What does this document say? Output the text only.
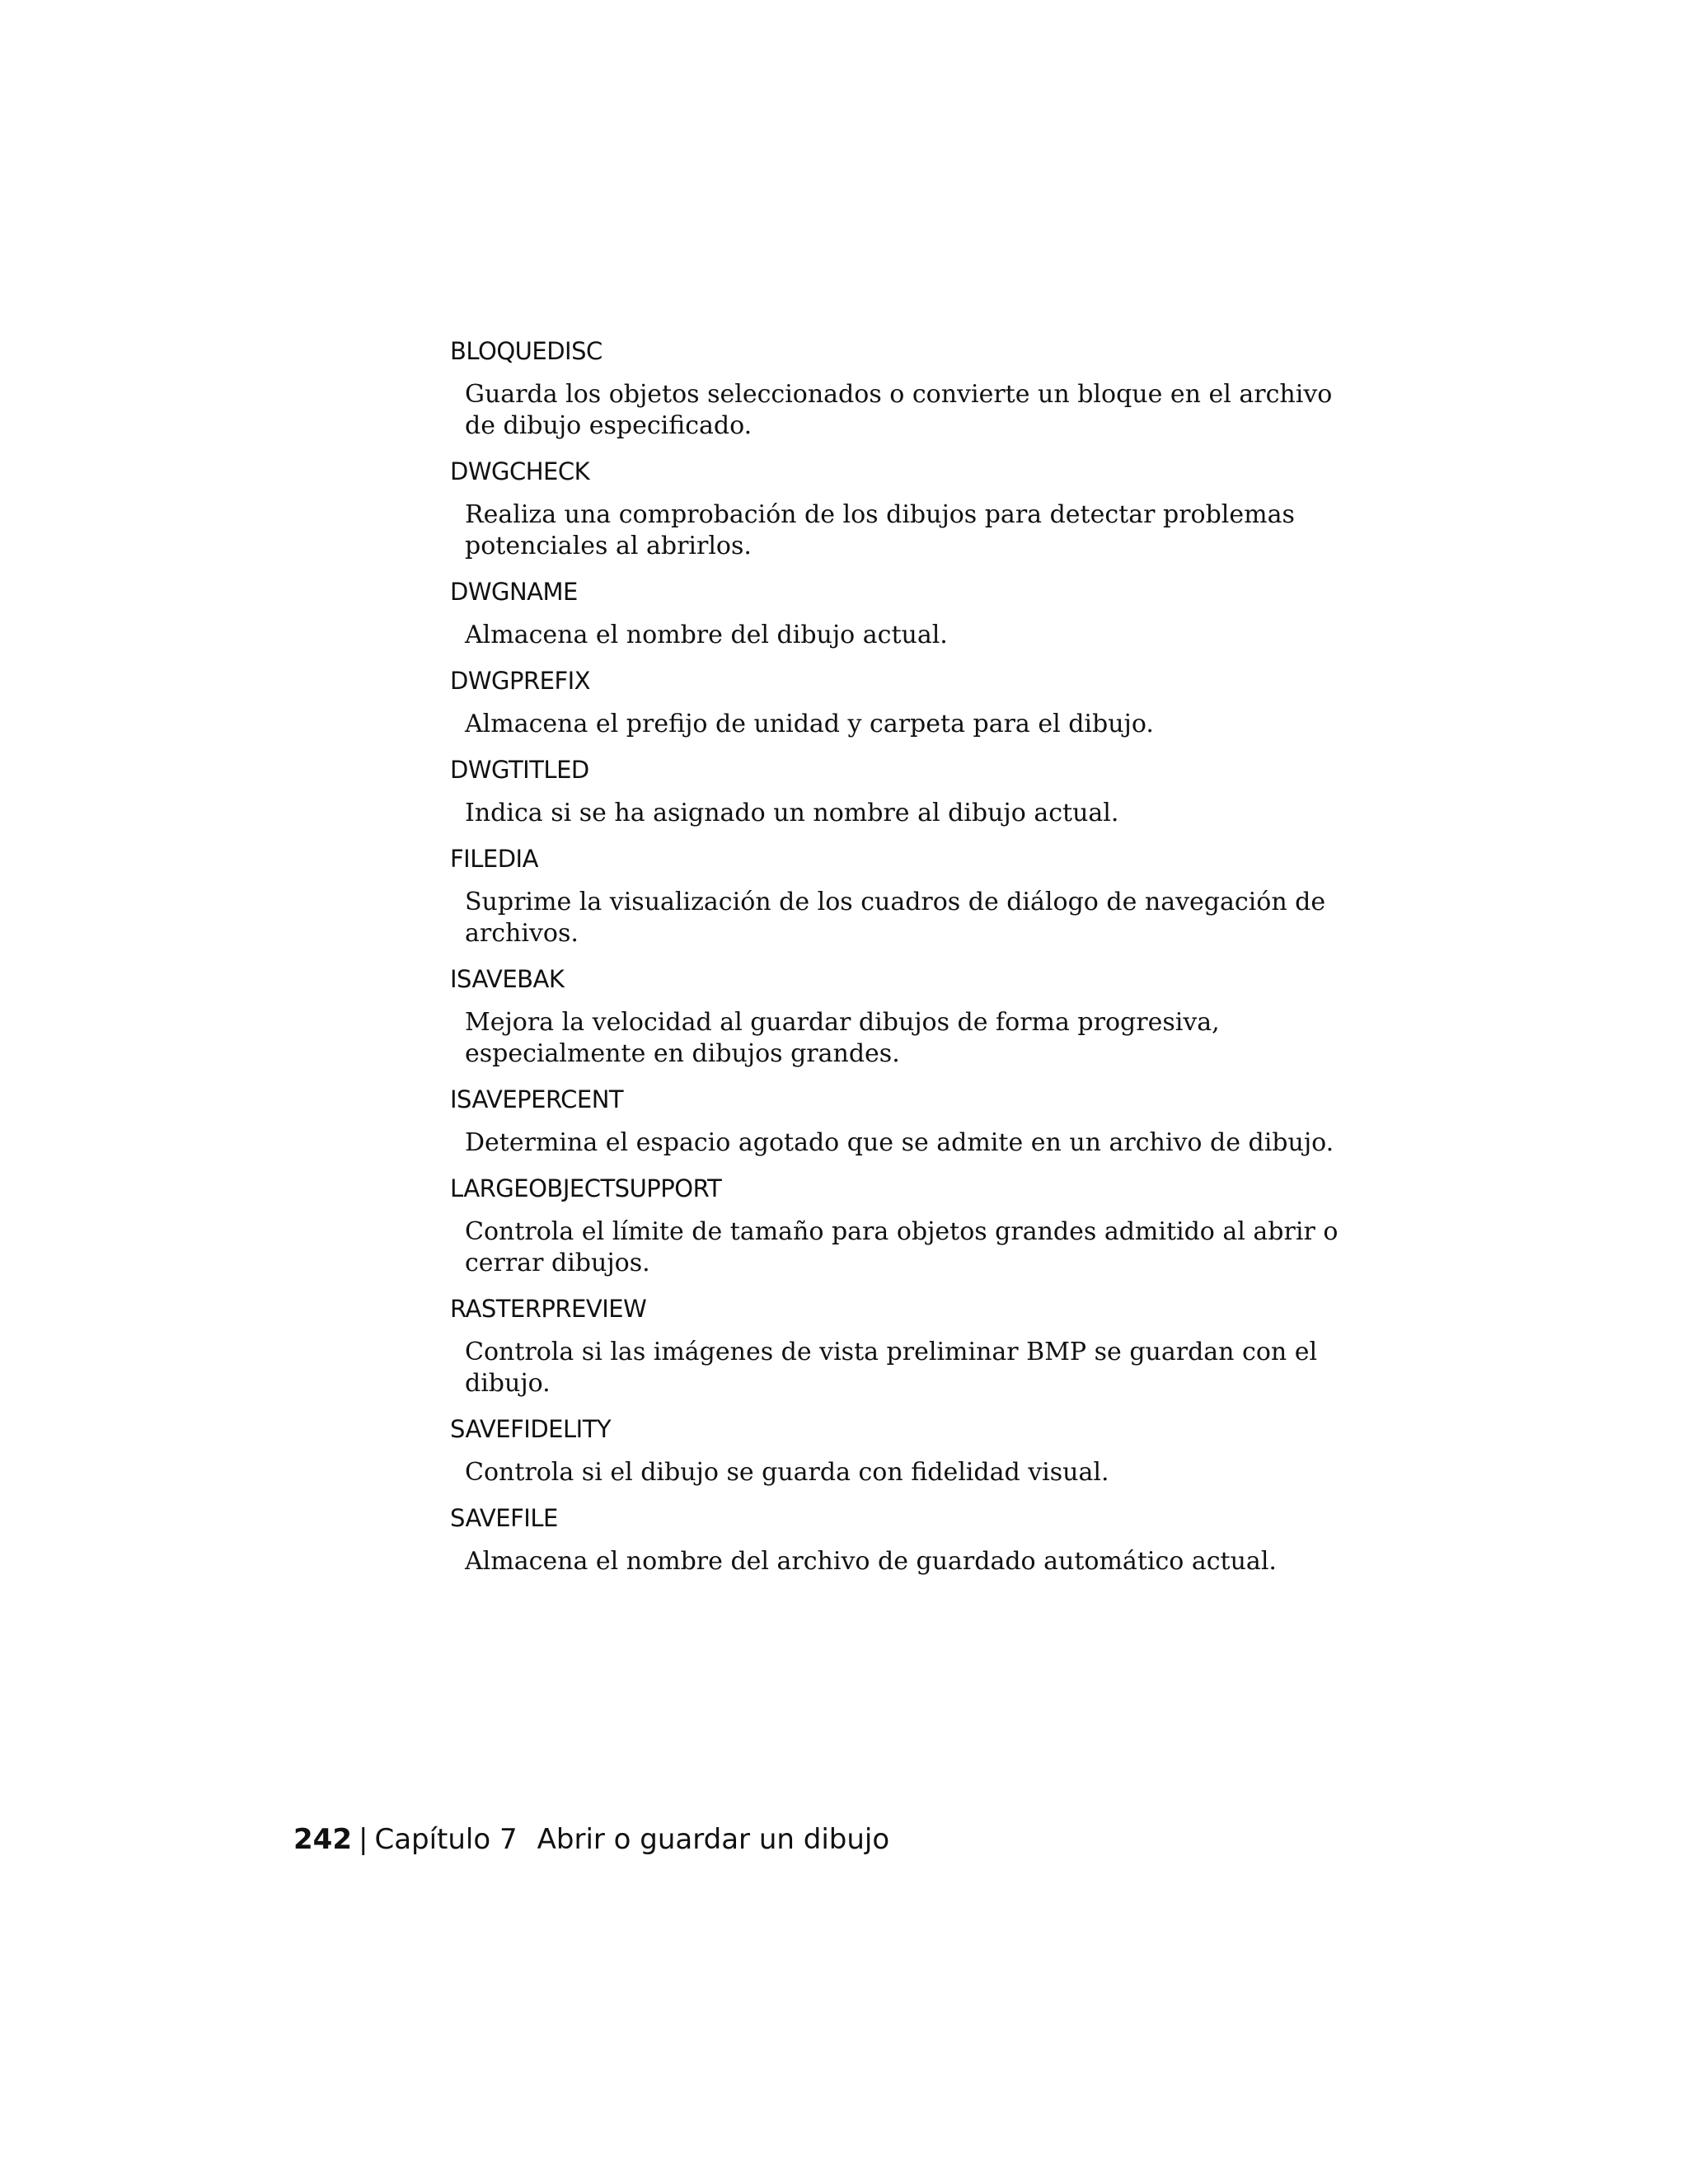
BLOQUEDISC

Guarda los objetos seleccionados o convierte un bloque en el archivo de dibujo especificado.

DWGCHECK

Realiza una comprobación de los dibujos para detectar problemas potenciales al abrirlos.

DWGNAME

Almacena el nombre del dibujo actual.

DWGPREFIX

Almacena el prefijo de unidad y carpeta para el dibujo.

DWGTITLED

Indica si se ha asignado un nombre al dibujo actual.

FILEDIA

Suprime la visualización de los cuadros de diálogo de navegación de archivos.

ISAVEBAK

Mejora la velocidad al guardar dibujos de forma progresiva, especialmente en dibujos grandes.

ISAVEPERCENT

Determina el espacio agotado que se admite en un archivo de dibujo.

LARGEOBJECTSUPPORT

Controla el límite de tamaño para objetos grandes admitido al abrir o cerrar dibujos.

RASTERPREVIEW

Controla si las imágenes de vista preliminar BMP se guardan con el dibujo.

SAVEFIDELITY

Controla si el dibujo se guarda con fidelidad visual.

SAVEFILE

Almacena el nombre del archivo de guardado automático actual.

242 | Capítulo 7 Abrir o guardar un dibujo
